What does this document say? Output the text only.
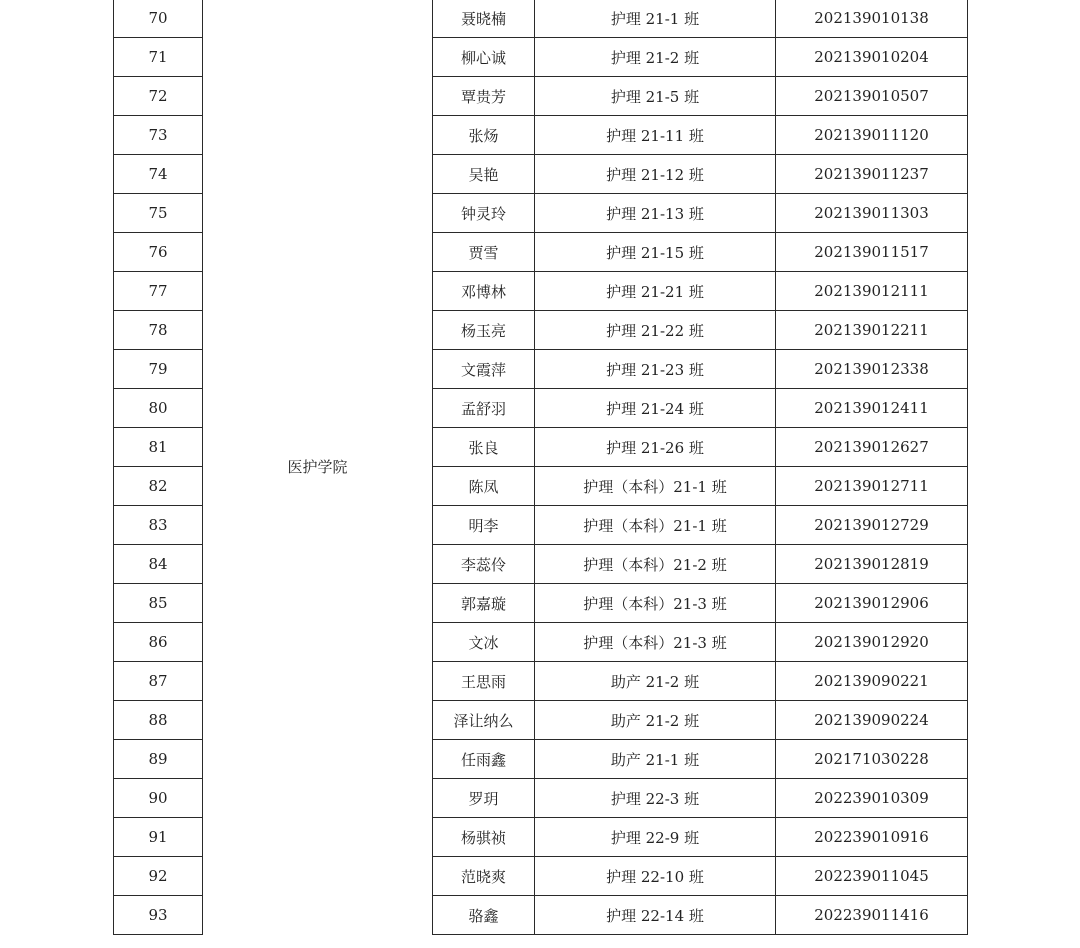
70	医护学院	聂晓楠	护理 21-1 班	202139010138
71		柳心诚	护理 21-2 班	202139010204
72		覃贵芳	护理 21-5 班	202139010507
73		张炀	护理 21-11 班	202139011120
74		吴艳	护理 21-12 班	202139011237
75		钟灵玲	护理 21-13 班	202139011303
76		贾雪	护理 21-15 班	202139011517
77		邓博林	护理 21-21 班	202139012111
78		杨玉亮	护理 21-22 班	202139012211
79		文霞萍	护理 21-23 班	202139012338
80		孟舒羽	护理 21-24 班	202139012411
81		张良	护理 21-26 班	202139012627
82		陈凤	护理（本科）21-1 班	202139012711
83		明李	护理（本科）21-1 班	202139012729
84		李蕊伶	护理（本科）21-2 班	202139012819
85		郭嘉璇	护理（本科）21-3 班	202139012906
86		文冰	护理（本科）21-3 班	202139012920
87		王思雨	助产 21-2 班	202139090221
88		泽让纳么	助产 21-2 班	202139090224
89		任雨鑫	助产 21-1 班	202171030228
90		罗玥	护理 22-3 班	202239010309
91		杨骐祯	护理 22-9 班	202239010916
92		范晓爽	护理 22-10 班	202239011045
93		骆鑫	护理 22-14 班	202239011416
